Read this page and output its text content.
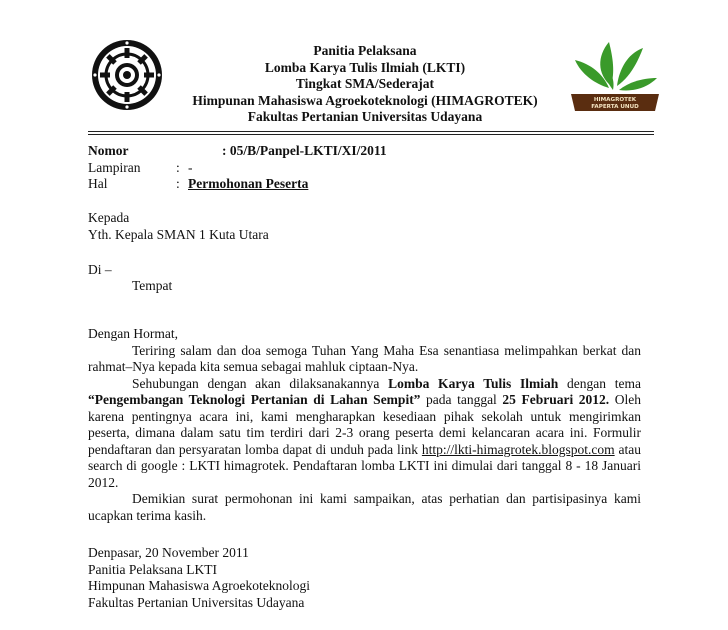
HIMAGROTEK
FAPERTA UNUD
Panitia Pelaksana
Lomba Karya Tulis Ilmiah (LKTI)
Tingkat SMA/Sederajat
Himpunan Mahasiswa Agroekoteknologi (HIMAGROTEK)
Fakultas Pertanian Universitas Udayana
Nomor	: 05/B/Panpel-LKTI/XI/2011
Lampiran	: -
Hal	: Permohonan Peserta
Kepada
Yth. Kepala SMAN 1 Kuta Utara
Di –
Tempat

Dengan Hormat,

Teriring salam dan doa semoga Tuhan Yang Maha Esa senantiasa melimpahkan berkat dan rahmat–Nya kepada kita semua sebagai mahluk ciptaan-Nya.

Sehubungan dengan akan dilaksanakannya Lomba Karya Tulis Ilmiah dengan tema “Pengembangan Teknologi Pertanian di Lahan Sempit” pada tanggal 25 Februari 2012. Oleh karena pentingnya acara ini, kami mengharapkan kesediaan pihak sekolah untuk mengirimkan peserta, dimana dalam satu tim terdiri dari 2-3 orang peserta demi kelancaran acara ini. Formulir pendaftaran dan persyaratan lomba dapat di unduh pada link http://lkti-himagrotek.blogspot.com atau search di google : LKTI himagrotek. Pendaftaran lomba LKTI ini dimulai dari tanggal 8 - 18 Januari 2012.

Demikian surat permohonan ini kami sampaikan, atas perhatian dan partisipasinya kami ucapkan terima kasih.

Denpasar, 20 November 2011
Panitia Pelaksana LKTI
Himpunan Mahasiswa Agroekoteknologi
Fakultas Pertanian Universitas Udayana
